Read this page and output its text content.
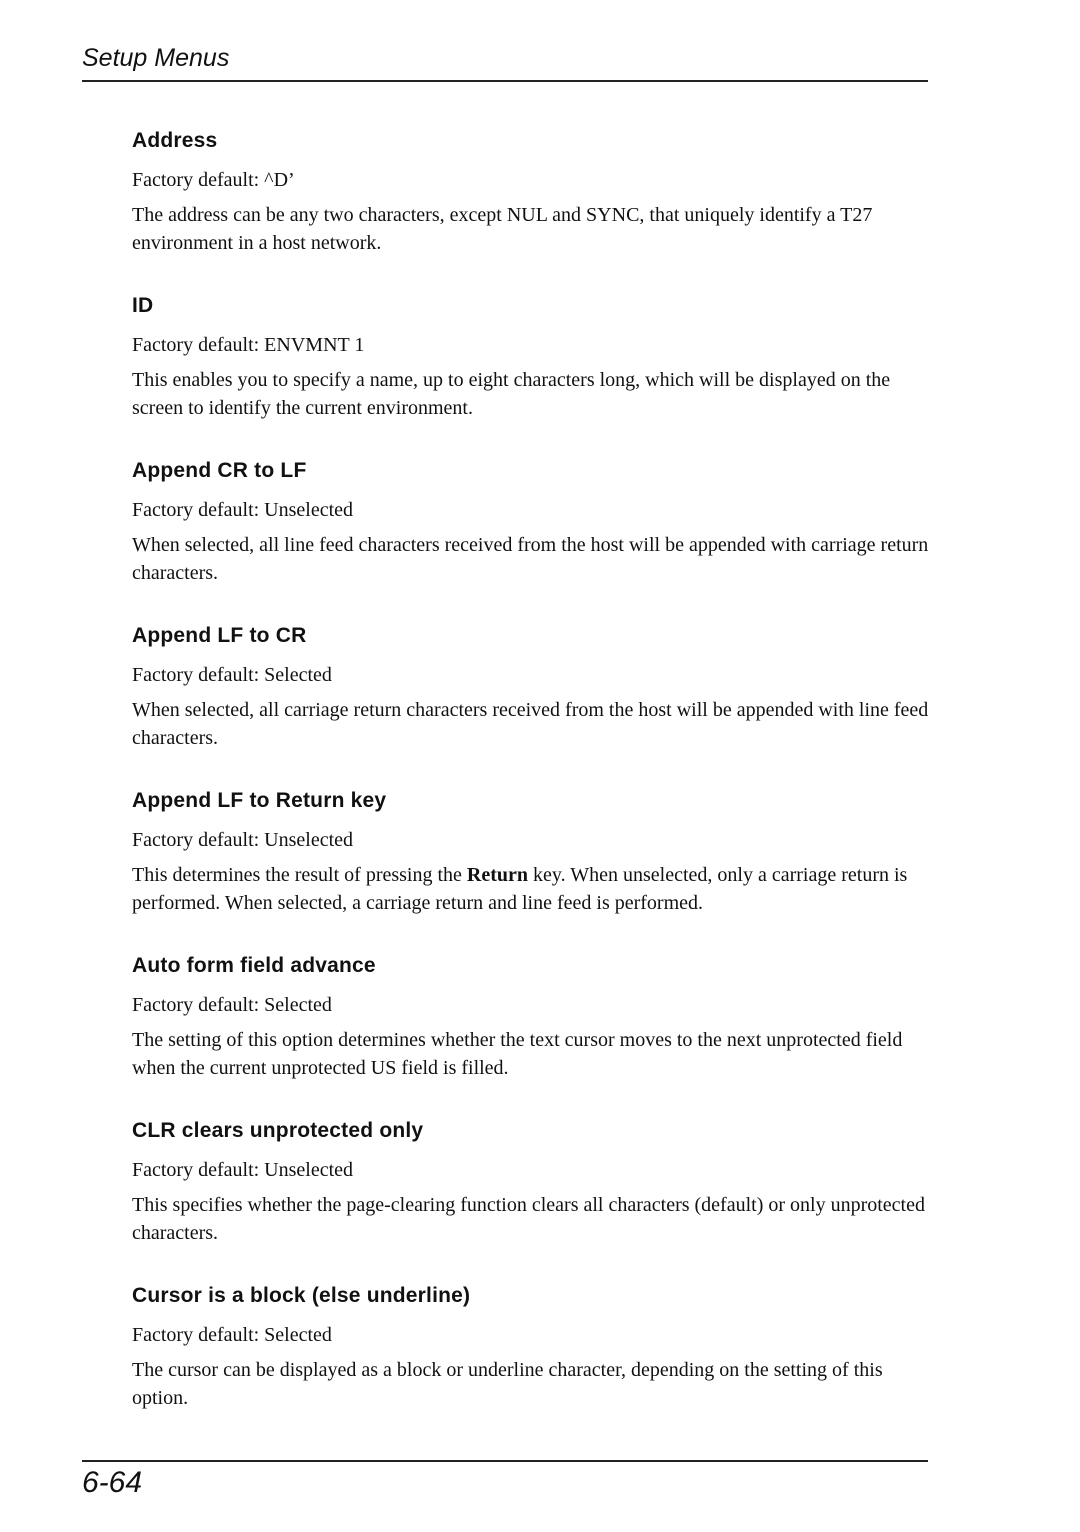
Setup Menus
Address

Factory default: ^D’

The address can be any two characters, except NUL and SYNC, that uniquely identify a T27 environment in a host network.

ID

Factory default: ENVMNT 1

This enables you to specify a name, up to eight characters long, which will be displayed on the screen to identify the current environment.

Append CR to LF

Factory default: Unselected

When selected, all line feed characters received from the host will be appended with carriage return characters.

Append LF to CR

Factory default: Selected

When selected, all carriage return characters received from the host will be appended with line feed characters.

Append LF to Return key

Factory default: Unselected

This determines the result of pressing the Return key. When unselected, only a carriage return is performed. When selected, a carriage return and line feed is performed.

Auto form field advance

Factory default: Selected

The setting of this option determines whether the text cursor moves to the next unprotected field when the current unprotected US field is filled.

CLR clears unprotected only

Factory default: Unselected

This specifies whether the page-clearing function clears all characters (default) or only unprotected characters.

Cursor is a block (else underline)

Factory default: Selected

The cursor can be displayed as a block or underline character, depending on the setting of this option.

6-64
